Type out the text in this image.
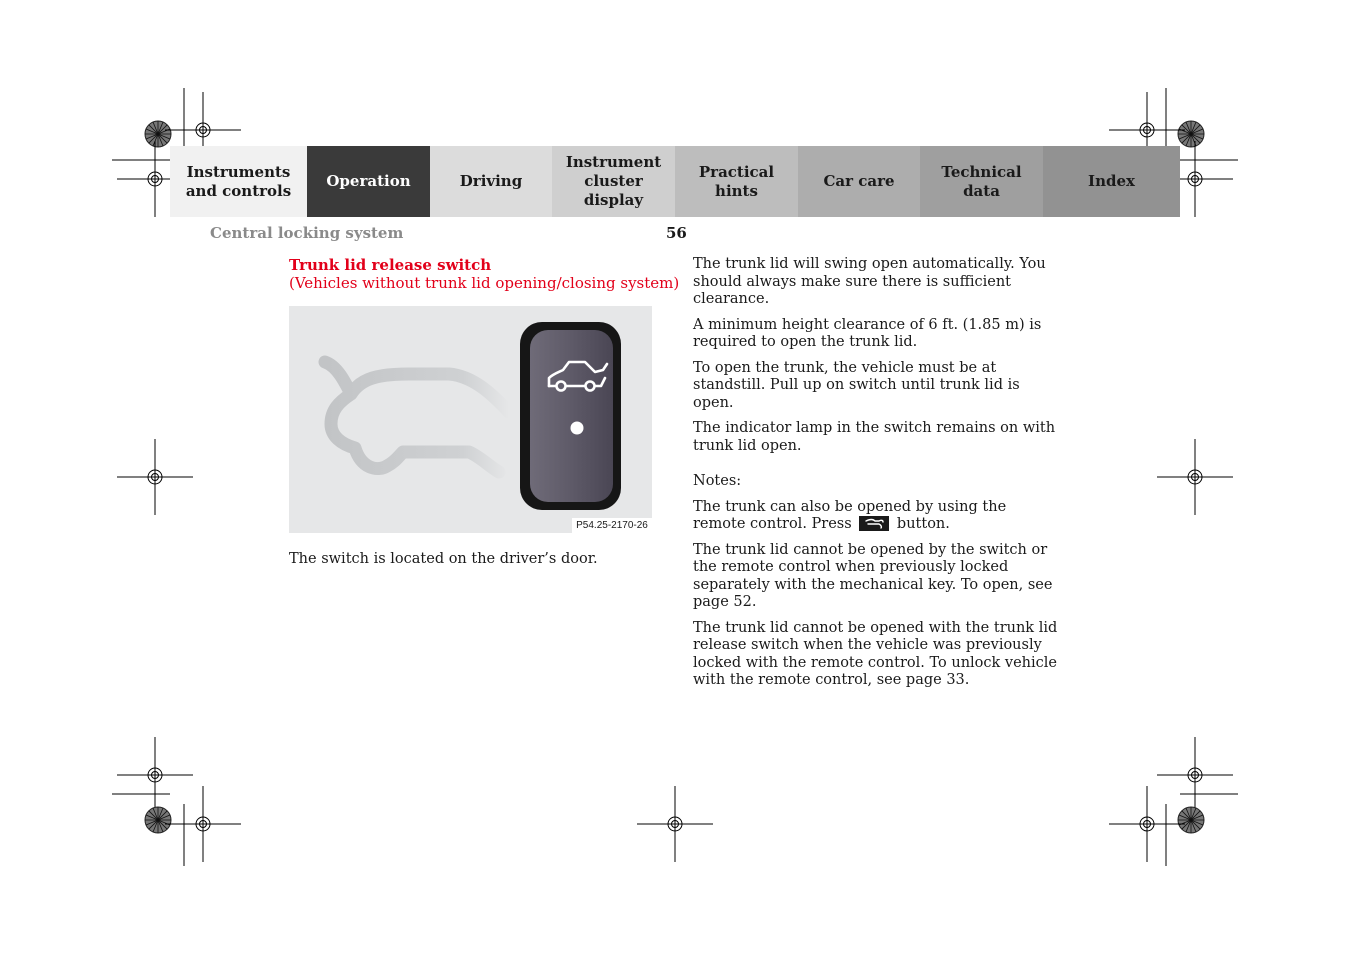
Instruments
and controls
Operation	Driving
Instrument
cluster display
Practical hints
Car care
Technical
data
Index
Central locking system	56
Trunk lid release switch
(Vehicles without trunk lid opening/closing system)
P54.25-2170-26
The switch is located on the driver’s door.

The trunk lid will swing open automatically. You should always make sure there is sufficient clearance.

A minimum height clearance of 6 ft. (1.85 m) is required to open the trunk lid.

To open the trunk, the vehicle must be at standstill. Pull up on switch until trunk lid is open.

The indicator lamp in the switch remains on with trunk lid open.

Notes:

The trunk can also be opened by using the remote control. Press	button.

The trunk lid cannot be opened by the switch or the remote control when previously locked separately with the mechanical key. To open, see page 52.

The trunk lid cannot be opened with the trunk lid release switch when the vehicle was previously locked with the remote control. To unlock vehicle with the remote control, see page 33.
